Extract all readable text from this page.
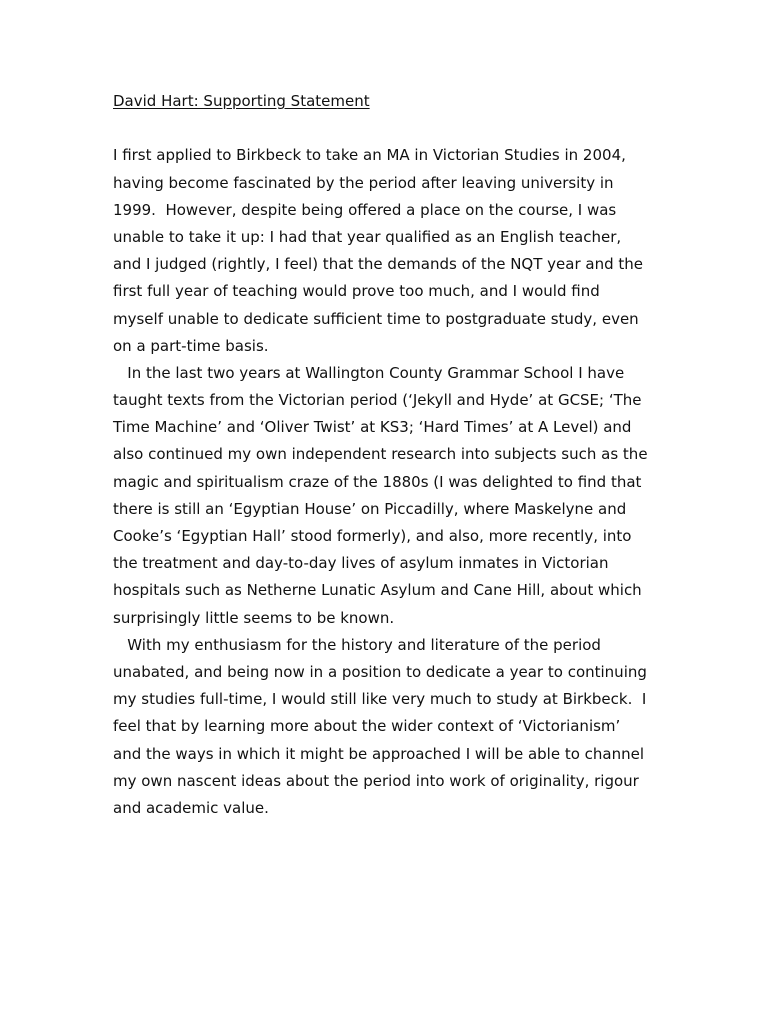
David Hart: Supporting Statement
I first applied to Birkbeck to take an MA in Victorian Studies in 2004,
having become fascinated by the period after leaving university in
1999.  However, despite being offered a place on the course, I was
unable to take it up: I had that year qualified as an English teacher,
and I judged (rightly, I feel) that the demands of the NQT year and the
first full year of teaching would prove too much, and I would find
myself unable to dedicate sufficient time to postgraduate study, even
on a part-time basis.
In the last two years at Wallington County Grammar School I have
taught texts from the Victorian period (‘Jekyll and Hyde’ at GCSE; ‘The
Time Machine’ and ‘Oliver Twist’ at KS3; ‘Hard Times’ at A Level) and
also continued my own independent research into subjects such as the
magic and spiritualism craze of the 1880s (I was delighted to find that
there is still an ‘Egyptian House’ on Piccadilly, where Maskelyne and
Cooke’s ‘Egyptian Hall’ stood formerly), and also, more recently, into
the treatment and day-to-day lives of asylum inmates in Victorian
hospitals such as Netherne Lunatic Asylum and Cane Hill, about which
surprisingly little seems to be known.
With my enthusiasm for the history and literature of the period
unabated, and being now in a position to dedicate a year to continuing
my studies full-time, I would still like very much to study at Birkbeck.  I
feel that by learning more about the wider context of ‘Victorianism’
and the ways in which it might be approached I will be able to channel
my own nascent ideas about the period into work of originality, rigour
and academic value.
